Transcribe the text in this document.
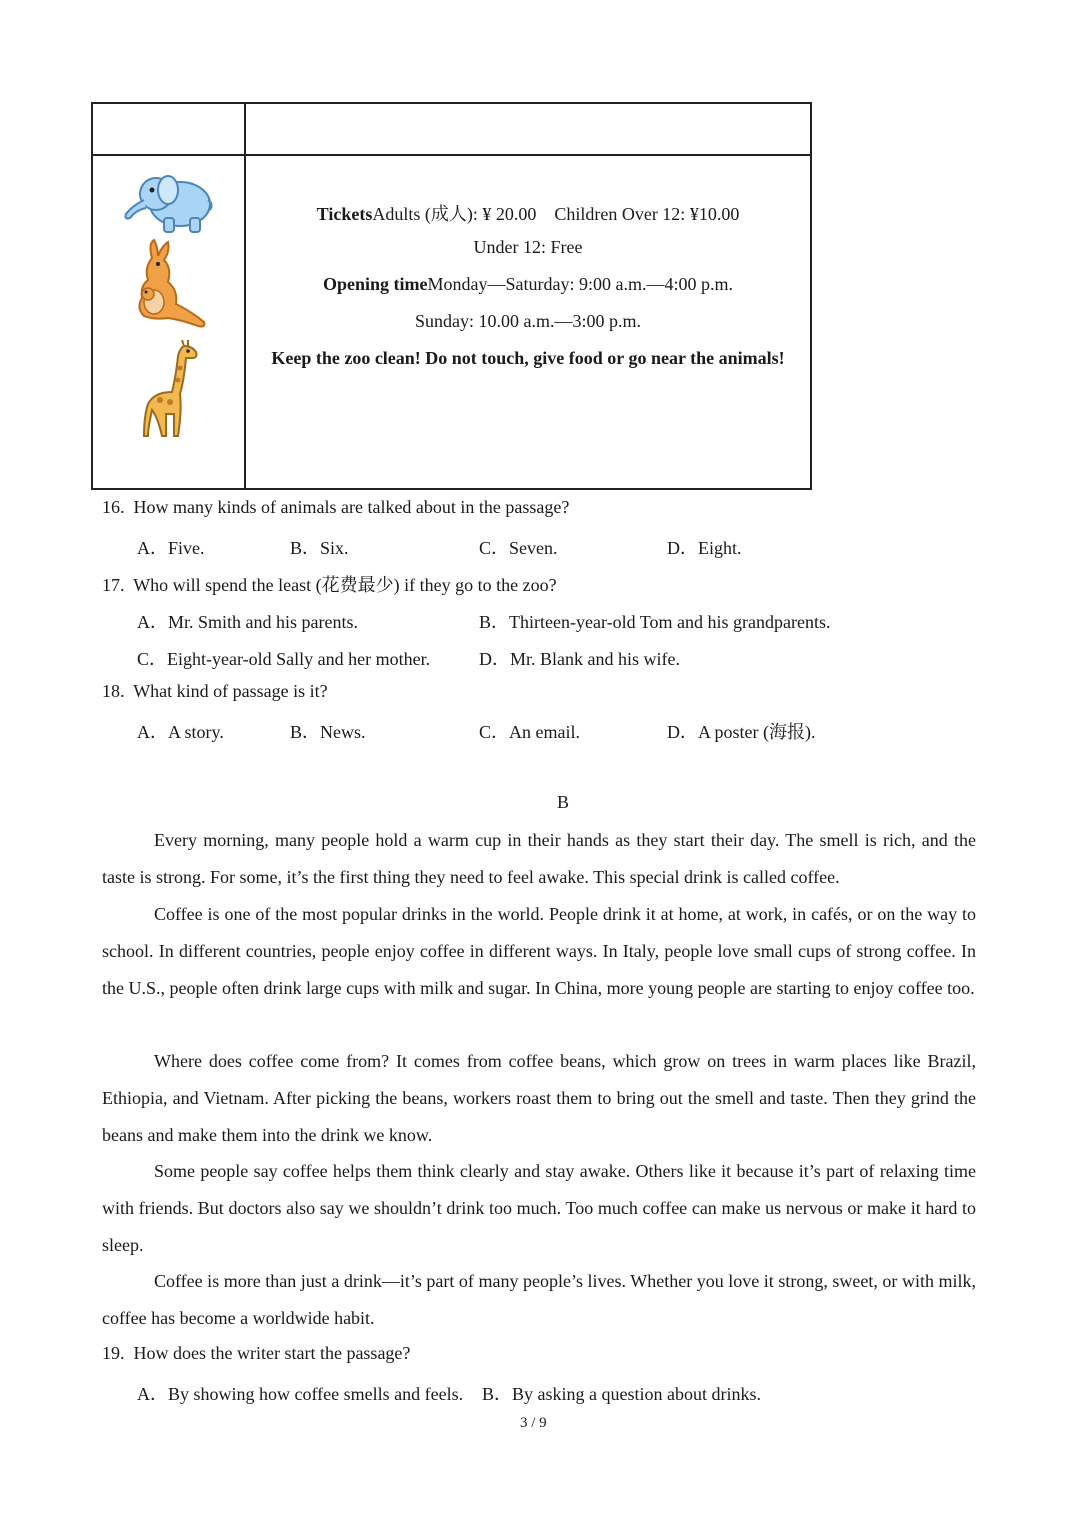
TicketsAdults (成人): ¥ 20.00    Children Over 12: ¥10.00
Under 12: Free
Opening timeMonday—Saturday: 9:00 a.m.—4:00 p.m.
Sunday: 10.00 a.m.—3:00 p.m.
Keep the zoo clean! Do not touch, give food or go near the animals!
16. How many kinds of animals are talked about in the passage?
A．Five.	B．Six.	C．Seven.	D．Eight.
17. Who will spend the least (花费最少) if they go to the zoo?
A．Mr. Smith and his parents.	B．Thirteen-year-old Tom and his grandparents.
C．Eight-year-old Sally and her mother.	D．Mr. Blank and his wife.
18. What kind of passage is it?
A．A story.	B．News.	C．An email.	D．A poster (海报).
B

Every morning, many people hold a warm cup in their hands as they start their day. The smell is rich, and the taste is strong. For some, it’s the first thing they need to feel awake. This special drink is called coffee.

Coffee is one of the most popular drinks in the world. People drink it at home, at work, in cafés, or on the way to school. In different countries, people enjoy coffee in different ways. In Italy, people love small cups of strong coffee. In the U.S., people often drink large cups with milk and sugar. In China, more young people are starting to enjoy coffee too.

Where does coffee come from? It comes from coffee beans, which grow on trees in warm places like Brazil, Ethiopia, and Vietnam. After picking the beans, workers roast them to bring out the smell and taste. Then they grind the beans and make them into the drink we know.

Some people say coffee helps them think clearly and stay awake. Others like it because it’s part of relaxing time with friends. But doctors also say we shouldn’t drink too much. Too much coffee can make us nervous or make it hard to sleep.

Coffee is more than just a drink—it’s part of many people’s lives. Whether you love it strong, sweet, or with milk, coffee has become a worldwide habit.

19. How does the writer start the passage?
A．By showing how coffee smells and feels. B．By asking a question about drinks.
3 / 9
